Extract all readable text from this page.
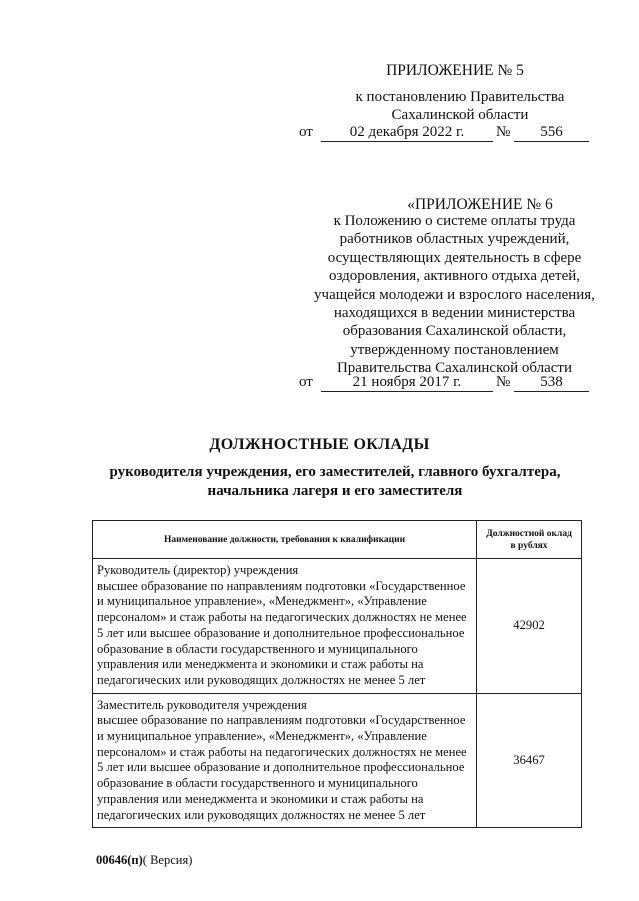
ПРИЛОЖЕНИЕ № 5
к постановлению Правительства
Сахалинской области
от	02 декабря 2022 г.	№	556
«ПРИЛОЖЕНИЕ № 6
к Положению о системе оплаты труда работников областных учреждений, осуществляющих деятельность в сфере оздоровления, активного отдыха детей, учащейся молодежи и взрослого населения, находящихся в ведении министерства образования Сахалинской области, утвержденному постановлением Правительства Сахалинской области
от	21 ноября 2017 г.	№	538
ДОЛЖНОСТНЫЕ ОКЛАДЫ
руководителя учреждения, его заместителей, главного бухгалтера, начальника лагеря и его заместителя
Наименование должности, требования к квалификации	Должностной оклад в рублях

Руководитель (директор) учреждения
высшее образование по направлениям подготовки «Государственное и муниципальное управление», «Менеджмент», «Управление персоналом» и стаж работы на педагогических должностях не менее 5 лет или высшее образование и дополнительное профессиональное образование в области государственного и муниципального управления или менеджмента и экономики и стаж работы на педагогических или руководящих должностях не менее 5 лет	42902

Заместитель руководителя учреждения
высшее образование по направлениям подготовки «Государственное и муниципальное управление», «Менеджмент», «Управление персоналом» и стаж работы на педагогических должностях не менее 5 лет или высшее образование и дополнительное профессиональное образование в области государственного и муниципального управления или менеджмента и экономики и стаж работы на педагогических или руководящих должностях не менее 5 лет	36467
00646(п)( Версия)
